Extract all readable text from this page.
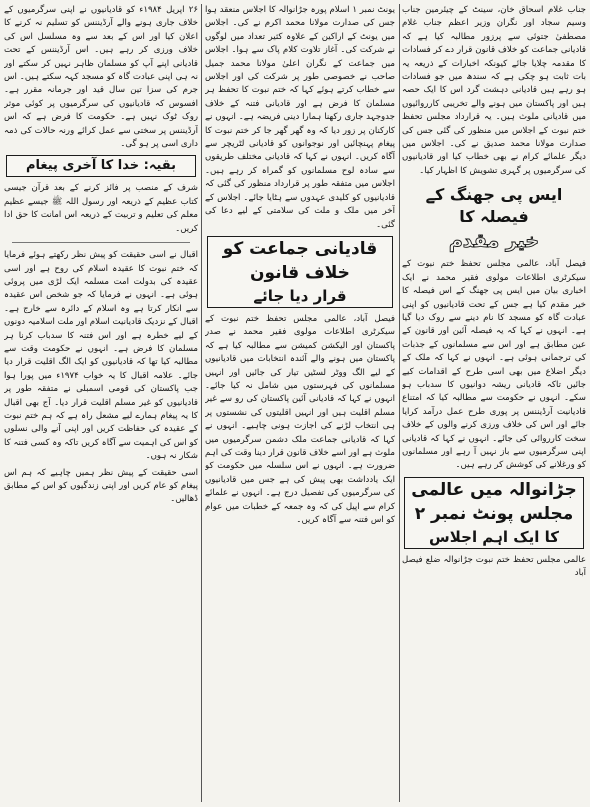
جناب غلام اسحاق خان، سینٹ کے چیئرمین جناب وسیم سجاد اور نگران وزیر اعظم جناب غلام مصطفیٰ جتوئی سے پرزور مطالبہ کیا ہے کہ قادیانی جماعت کو خلاف قانون قرار دے کر فسادات کا مقدمہ چلایا جائے کیونکہ اخبارات کے ذریعہ یہ بات ثابت ہو چکی ہے کہ سندھ میں جو فسادات ہو رہے ہیں قادیانی دہشت گرد اس کا ایک حصہ ہیں اور پاکستان میں ہونے والے تخریبی کارروائیوں میں قادیانی ملوث ہیں۔ یہ قرارداد مجلس تحفظ ختم نبوت کے اجلاس میں منظور کی گئی جس کی صدارت مولانا محمد صدیق نے کی۔ اجلاس میں دیگر علمائے کرام نے بھی خطاب کیا اور قادیانیوں کی سرگرمیوں پر گہری تشویش کا اظہار کیا۔

ایس پی جھنگ کے فیصلہ کا
خیر مقدم

فیصل آباد، عالمی مجلس تحفظ ختم نبوت کے سیکرٹری اطلاعات مولوی فقیر محمد نے ایک اخباری بیان میں ایس پی جھنگ کے اس فیصلہ کا خیر مقدم کیا ہے جس کے تحت قادیانیوں کو اپنی عبادت گاہ کو مسجد کا نام دینے سے روک دیا گیا ہے۔ انہوں نے کہا کہ یہ فیصلہ آئین اور قانون کے عین مطابق ہے اور اس سے مسلمانوں کے جذبات کی ترجمانی ہوئی ہے۔ انہوں نے کہا کہ ملک کے دیگر اضلاع میں بھی اسی طرح کے اقدامات کیے جائیں تاکہ قادیانی ریشہ دوانیوں کا سدباب ہو سکے۔ انہوں نے حکومت سے مطالبہ کیا کہ امتناع قادیانیت آرڈیننس پر پوری طرح عمل درآمد کرایا جائے اور اس کی خلاف ورزی کرنے والوں کے خلاف سخت کارروائی کی جائے۔ انہوں نے کہا کہ قادیانی اپنی سرگرمیوں سے باز نہیں آ رہے اور مسلمانوں کو ورغلانے کی کوشش کر رہے ہیں۔

جڑانوالہ میں عالمی مجلس پونٹ نمبر ۲
کا ایک اہم اجلاس

عالمی مجلس تحفظ ختم نبوت جڑانوالہ ضلع فیصل آباد

یونٹ نمبر ۱ اسلام پورہ جڑانوالہ کا اجلاس منعقد ہوا جس کی صدارت مولانا محمد اکرم نے کی۔ اجلاس میں یونٹ کے اراکین کے علاوہ کثیر تعداد میں لوگوں نے شرکت کی۔ آغاز تلاوت کلام پاک سے ہوا۔ اجلاس میں جماعت کے نگران اعلیٰ مولانا محمد جمیل صاحب نے خصوصی طور پر شرکت کی اور اجلاس سے خطاب کرتے ہوئے کہا کہ ختم نبوت کا تحفظ ہر مسلمان کا فرض ہے اور قادیانی فتنہ کے خلاف جدوجہد جاری رکھنا ہمارا دینی فریضہ ہے۔ انہوں نے کارکنان پر زور دیا کہ وہ گھر گھر جا کر ختم نبوت کا پیغام پہنچائیں اور نوجوانوں کو قادیانی لٹریچر سے آگاہ کریں۔ انہوں نے کہا کہ قادیانی مختلف طریقوں سے سادہ لوح مسلمانوں کو گمراہ کر رہے ہیں۔ اجلاس میں متفقہ طور پر قرارداد منظور کی گئی کہ قادیانیوں کو کلیدی عہدوں سے ہٹایا جائے۔ اجلاس کے آخر میں ملک و ملت کی سلامتی کے لیے دعا کی گئی۔

قادیانی جماعت کو خلاف قانون
قرار دیا جائے

فیصل آباد، عالمی مجلس تحفظ ختم نبوت کے سیکرٹری اطلاعات مولوی فقیر محمد نے صدر پاکستان اور الیکشن کمیشن سے مطالبہ کیا ہے کہ پاکستان میں ہونے والے آئندہ انتخابات میں قادیانیوں کے لیے الگ ووٹر لسٹیں تیار کی جائیں اور انہیں مسلمانوں کی فہرستوں میں شامل نہ کیا جائے۔ انہوں نے کہا کہ قادیانی آئین پاکستان کی رو سے غیر مسلم اقلیت ہیں اور انہیں اقلیتوں کی نشستوں پر ہی انتخاب لڑنے کی اجازت ہونی چاہیے۔ انہوں نے کہا کہ قادیانی جماعت ملک دشمن سرگرمیوں میں ملوث ہے اور اسے خلاف قانون قرار دینا وقت کی اہم ضرورت ہے۔ انہوں نے اس سلسلہ میں حکومت کو ایک یادداشت بھی پیش کی ہے جس میں قادیانیوں کی سرگرمیوں کی تفصیل درج ہے۔ انہوں نے علمائے کرام سے اپیل کی کہ وہ جمعہ کے خطبات میں عوام کو اس فتنہ سے آگاہ کریں۔

۲۶ اپریل ۱۹۸۴ء کو قادیانیوں نے اپنی سرگرمیوں کے خلاف جاری ہونے والے آرڈیننس کو تسلیم نہ کرنے کا اعلان کیا اور اس کے بعد سے وہ مسلسل اس کی خلاف ورزی کر رہے ہیں۔ اس آرڈیننس کے تحت قادیانی اپنے آپ کو مسلمان ظاہر نہیں کر سکتے اور نہ ہی اپنی عبادت گاہ کو مسجد کہہ سکتے ہیں۔ اس جرم کی سزا تین سال قید اور جرمانہ مقرر ہے۔ افسوس کہ قادیانیوں کی سرگرمیوں پر کوئی موثر روک ٹوک نہیں ہے۔ حکومت کا فرض ہے کہ اس آرڈیننس پر سختی سے عمل کرائے ورنہ حالات کی ذمہ داری اسی پر ہو گی۔

بقیہ: خدا کا آخری پیغام

شرف کے منصب پر فائز کرنے کے بعد قرآن جیسی کتاب عظیم کے ذریعہ اور رسول اللہ ﷺ جیسے عظیم معلم کی تعلیم و تربیت کے ذریعہ اس امانت کا حق ادا کریں۔

اقبال نے اسی حقیقت کو پیش نظر رکھتے ہوئے فرمایا کہ ختم نبوت کا عقیدہ اسلام کی روح ہے اور اسی عقیدہ کی بدولت امت مسلمہ ایک لڑی میں پروئی ہوئی ہے۔ انہوں نے فرمایا کہ جو شخص اس عقیدہ سے انکار کرتا ہے وہ اسلام کے دائرہ سے خارج ہے۔ اقبال کے نزدیک قادیانیت اسلام اور ملت اسلامیہ دونوں کے لیے خطرہ ہے اور اس فتنہ کا سدباب کرنا ہر مسلمان کا فرض ہے۔ انہوں نے حکومت وقت سے مطالبہ کیا تھا کہ قادیانیوں کو ایک الگ اقلیت قرار دیا جائے۔ علامہ اقبال کا یہ خواب ۱۹۷۴ء میں پورا ہوا جب پاکستان کی قومی اسمبلی نے متفقہ طور پر قادیانیوں کو غیر مسلم اقلیت قرار دیا۔ آج بھی اقبال کا یہ پیغام ہمارے لیے مشعل راہ ہے کہ ہم ختم نبوت کے عقیدہ کی حفاظت کریں اور اپنی آنے والی نسلوں کو اس کی اہمیت سے آگاہ کریں تاکہ وہ کسی فتنہ کا شکار نہ ہوں۔

اسی حقیقت کے پیش نظر ہمیں چاہیے کہ ہم اس پیغام کو عام کریں اور اپنی زندگیوں کو اس کے مطابق ڈھالیں۔
